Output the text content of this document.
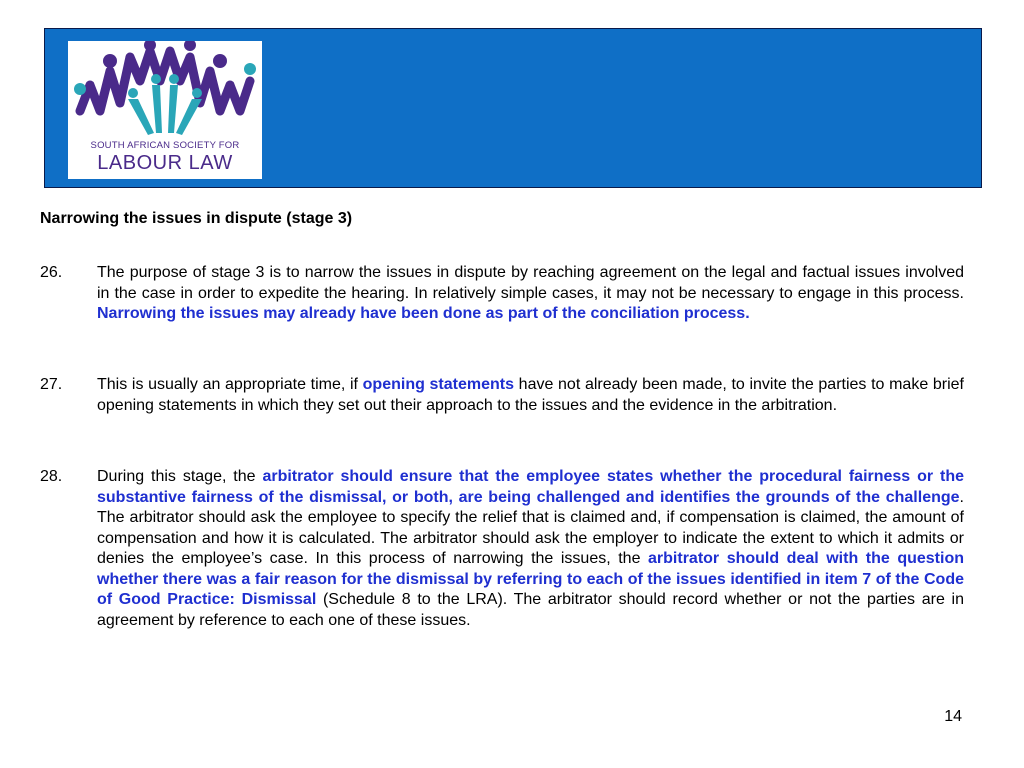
SOUTH AFRICAN SOCIETY FOR
LABOUR LAW
Narrowing the issues in dispute (stage 3)
26. The purpose of stage 3 is to narrow the issues in dispute by reaching agreement on the legal and factual issues involved in the case in order to expedite the hearing. In relatively simple cases, it may not be necessary to engage in this process. Narrowing the issues may already have been done as part of the conciliation process.
27. This is usually an appropriate time, if opening statements have not already been made, to invite the parties to make brief opening statements in which they set out their approach to the issues and the evidence in the arbitration.
28. During this stage, the arbitrator should ensure that the employee states whether the procedural fairness or the substantive fairness of the dismissal, or both, are being challenged and identifies the grounds of the challenge. The arbitrator should ask the employee to specify the relief that is claimed and, if compensation is claimed, the amount of compensation and how it is calculated. The arbitrator should ask the employer to indicate the extent to which it admits or denies the employee’s case. In this process of narrowing the issues, the arbitrator should deal with the question whether there was a fair reason for the dismissal by referring to each of the issues identified in item 7 of the Code of Good Practice: Dismissal (Schedule 8 to the LRA). The arbitrator should record whether or not the parties are in agreement by reference to each one of these issues.
14
